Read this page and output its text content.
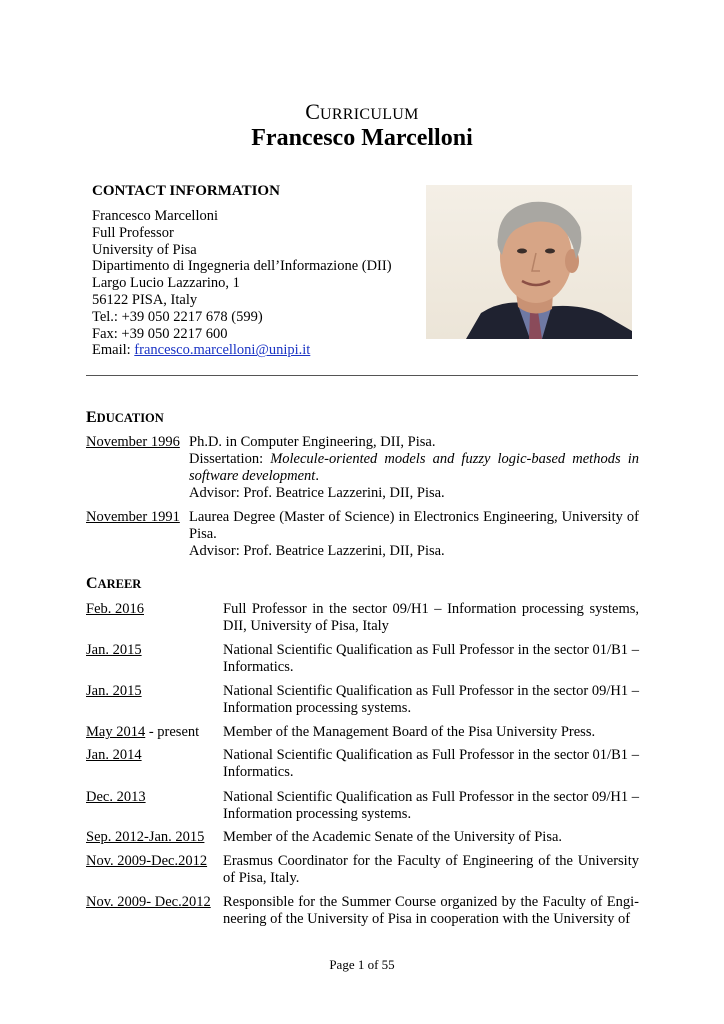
CURRICULUM
Francesco Marcelloni
CONTACT INFORMATION
Francesco Marcelloni
Full Professor
University of Pisa
Dipartimento di Ingegneria dell’Informazione (DII)
Largo Lucio Lazzarino, 1
56122 PISA, Italy
Tel.: +39 050 2217 678 (599)
Fax: +39 050 2217 600
Email: francesco.marcelloni@unipi.it
EDUCATION
November 1996 Ph.D. in Computer Engineering, DII, Pisa.
Dissertation: Molecule-oriented models and fuzzy logic-based methods in software development.
Advisor: Prof. Beatrice Lazzerini, DII, Pisa.
November 1991 Laurea Degree (Master of Science) in Electronics Engineering, University of Pisa.
Advisor: Prof. Beatrice Lazzerini, DII, Pisa.
CAREER
Feb. 2016	Full Professor in the sector 09/H1 – Information processing systems, DII, University of Pisa, Italy
Jan. 2015	National Scientific Qualification as Full Professor in the sector 01/B1 – Informatics.
Jan. 2015	National Scientific Qualification as Full Professor in the sector 09/H1 – Information processing systems.
May 2014 - present Member of the Management Board of the Pisa University Press.
Jan. 2014	National Scientific Qualification as Full Professor in the sector 01/B1 – Informatics.
Dec. 2013	National Scientific Qualification as Full Professor in the sector 09/H1 – Information processing systems.
Sep. 2012-Jan. 2015 Member of the Academic Senate of the University of Pisa.
Nov. 2009-Dec.2012 Erasmus Coordinator for the Faculty of Engineering of the University of Pisa, Italy.
Nov. 2009- Dec.2012 Responsible for the Summer Course organized by the Faculty of Engi- neering of the University of Pisa in cooperation with the University of
Page 1 of 55
